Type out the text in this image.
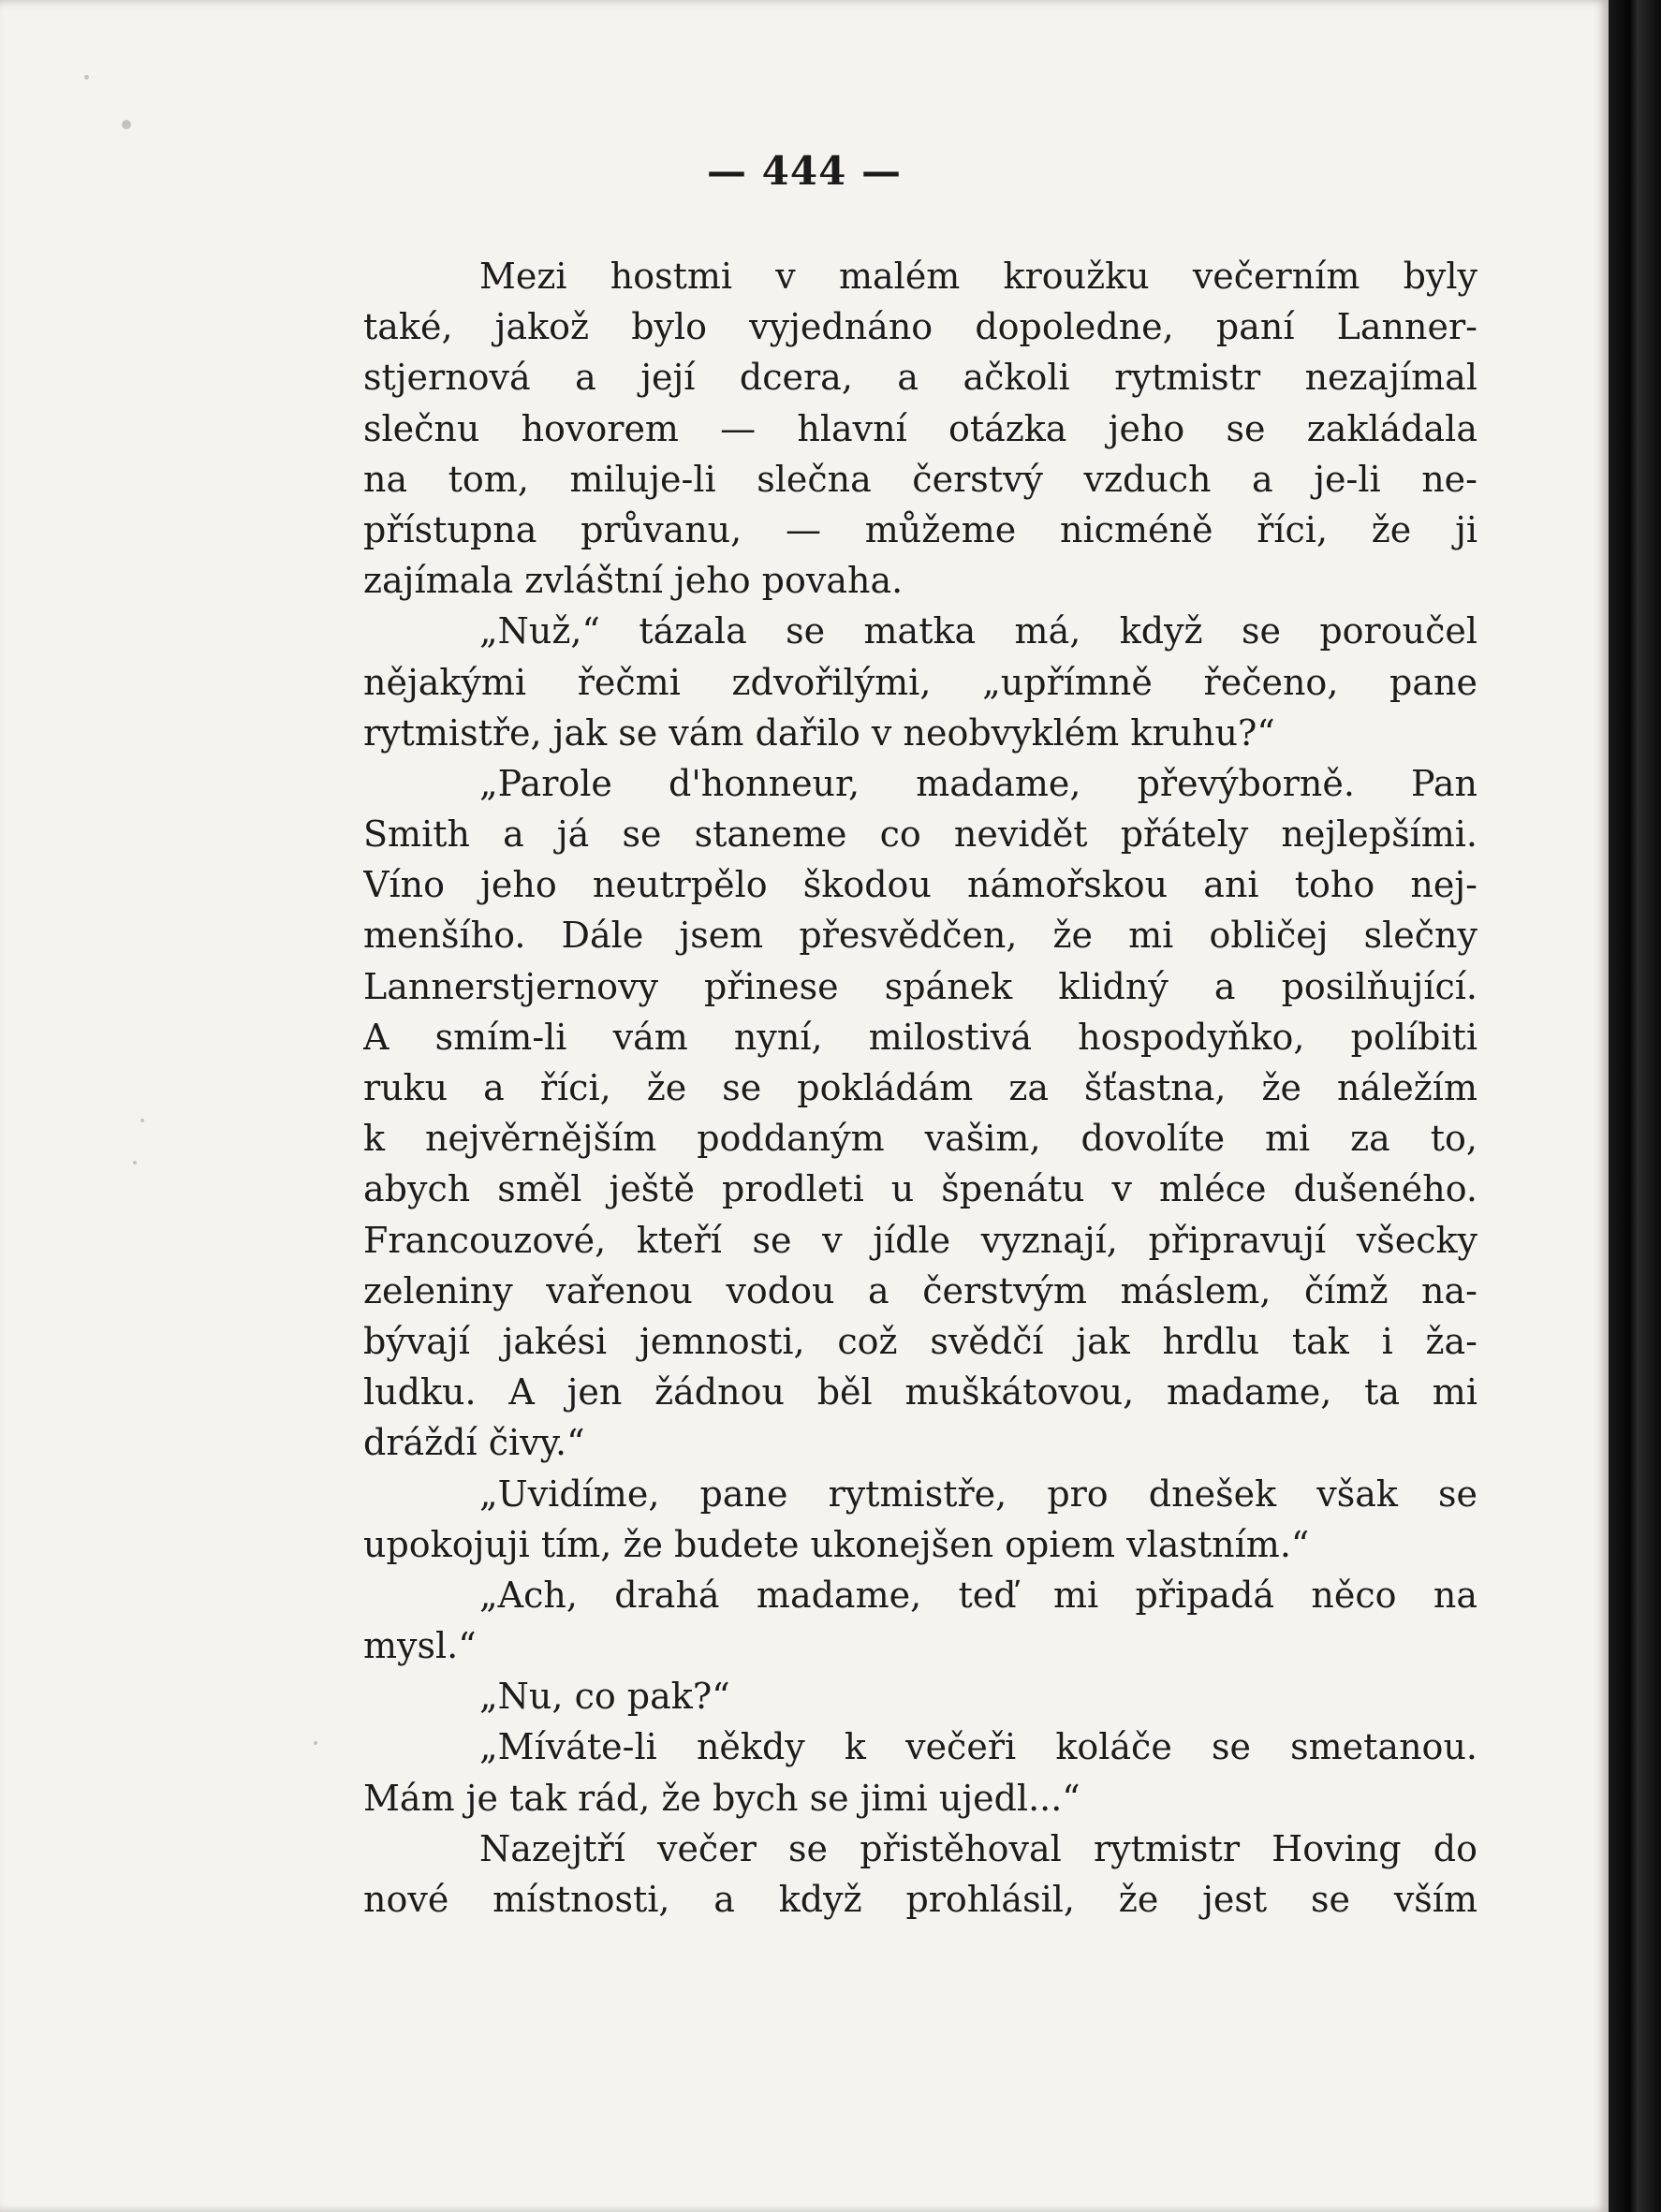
— 444 —
Mezi hostmi v malém kroužku večerním byly
také, jakož bylo vyjednáno dopoledne, paní Lanner-
stjernová a její dcera, a ačkoli rytmistr nezajímal
slečnu hovorem — hlavní otázka jeho se zakládala
na tom, miluje-li slečna čerstvý vzduch a je-li ne-
přístupna průvanu, — můžeme nicméně říci, že ji
zajímala zvláštní jeho povaha.
„Nuž,“ tázala se matka má, když se poroučel
nějakými řečmi zdvořilými, „upřímně řečeno, pane
rytmistře, jak se vám dařilo v neobvyklém kruhu?“
„Parole d'honneur, madame, převýborně. Pan
Smith a já se staneme co nevidět přátely nejlepšími.
Víno jeho neutrpělo škodou námořskou ani toho nej-
menšího. Dále jsem přesvědčen, že mi obličej slečny
Lannerstjernovy přinese spánek klidný a posilňující.
A smím-li vám nyní, milostivá hospodyňko, políbiti
ruku a říci, že se pokládám za šťastna, že náležím
k nejvěrnějším poddaným vašim, dovolíte mi za to,
abych směl ještě prodleti u špenátu v mléce dušeného.
Francouzové, kteří se v jídle vyznají, připravují všecky
zeleniny vařenou vodou a čerstvým máslem, čímž na-
bývají jakési jemnosti, což svědčí jak hrdlu tak i ža-
ludku. A jen žádnou běl muškátovou, madame, ta mi
dráždí čivy.“
„Uvidíme, pane rytmistře, pro dnešek však se
upokojuji tím, že budete ukonejšen opiem vlastním.“
„Ach, drahá madame, teď mi připadá něco na
mysl.“
„Nu, co pak?“
„Míváte-li někdy k večeři koláče se smetanou.
Mám je tak rád, že bych se jimi ujedl...“
Nazejtří večer se přistěhoval rytmistr Hoving do
nové místnosti, a když prohlásil, že jest se vším
